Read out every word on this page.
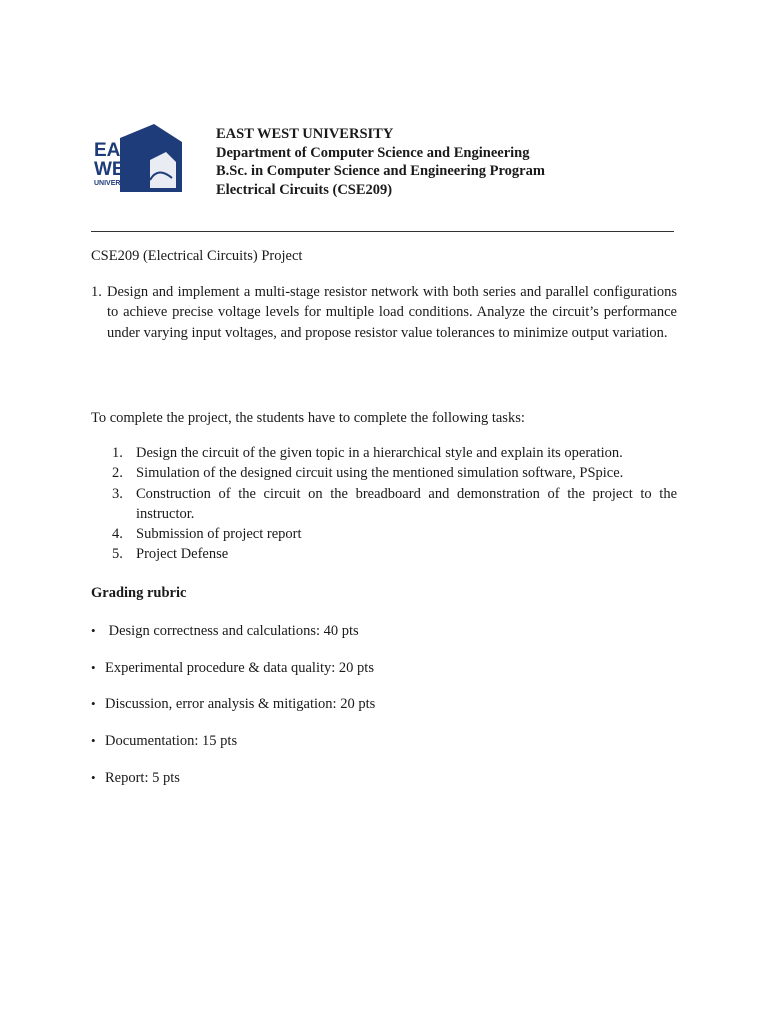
EAST
WEST
UNIVERSITY
EAST WEST UNIVERSITY
Department of Computer Science and Engineering
B.Sc. in Computer Science and Engineering Program
Electrical Circuits (CSE209)
CSE209 (Electrical Circuits) Project
1. Design and implement a multi-stage resistor network with both series and parallel configurations to achieve precise voltage levels for multiple load conditions. Analyze the circuit’s performance under varying input voltages, and propose resistor value tolerances to minimize output variation.
To complete the project, the students have to complete the following tasks:
1. Design the circuit of the given topic in a hierarchical style and explain its operation.
2. Simulation of the designed circuit using the mentioned simulation software, PSpice.
3. Construction of the circuit on the breadboard and demonstration of the project to the instructor.
4. Submission of project report
5. Project Defense
Grading rubric
• Design correctness and calculations: 40 pts
• Experimental procedure & data quality: 20 pts
• Discussion, error analysis & mitigation: 20 pts
• Documentation: 15 pts
• Report: 5 pts
